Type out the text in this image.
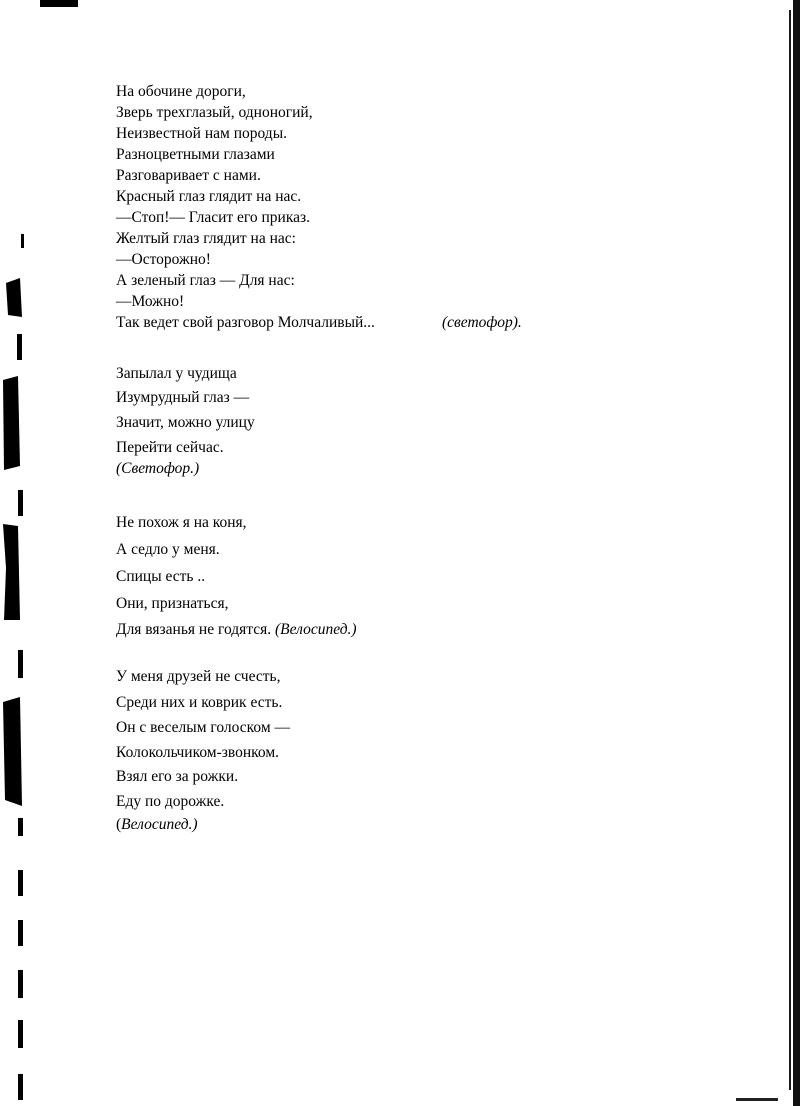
На обочине дороги,
Зверь трехглазый, одноногий,
Неизвестной нам породы.
Разноцветными глазами
Разговаривает с нами.
Красный глаз глядит на нас.
—Стоп!— Гласит его приказ.
Желтый глаз глядит на нас:
—Осторожно!
А зеленый глаз — Для нас:
—Можно!
Так ведет свой разговор Молчаливый...	(светофор).
Запылал у чудища
Изумрудный глаз —
Значит, можно улицу
Перейти сейчас.
(Светофор.)
Не похож я на коня,
А седло у меня.
Спицы есть ..
Они, признаться,
Для вязанья не годятся. (Велосипед.)
У меня друзей не счесть,
Среди них и коврик есть.
Он с веселым голоском —
Колокольчиком-звонком.
Взял его за рожки.
Еду по дорожке.
(Велосипед.)
